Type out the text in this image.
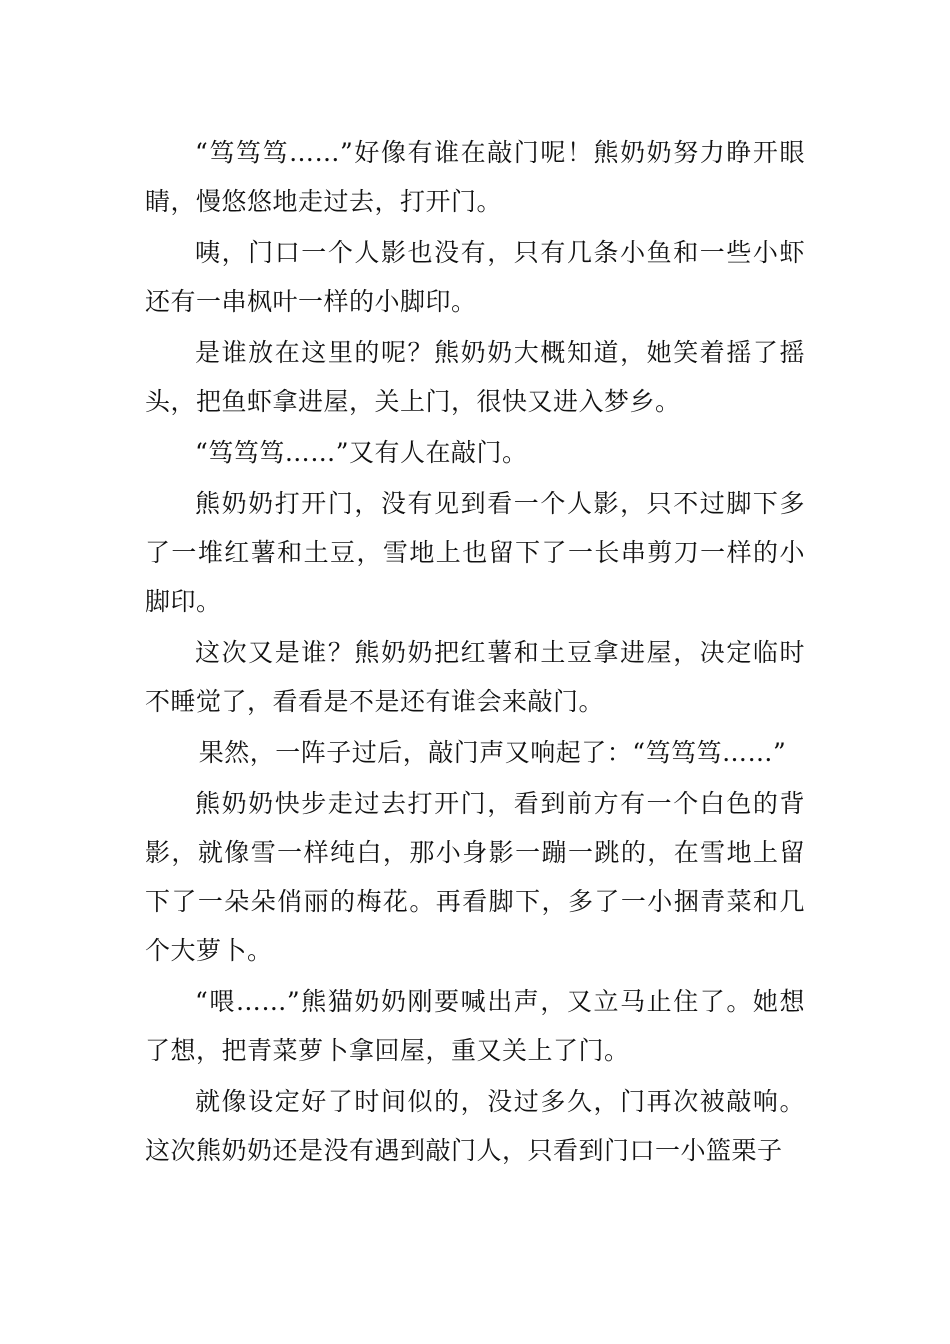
“笃笃笃……”好像有谁在敲门呢！熊奶奶努力睁开眼睛，慢悠悠地走过去，打开门。

咦，门口一个人影也没有，只有几条小鱼和一些小虾还有一串枫叶一样的小脚印。

是谁放在这里的呢？熊奶奶大概知道，她笑着摇了摇头，把鱼虾拿进屋，关上门，很快又进入梦乡。

“笃笃笃……”又有人在敲门。

熊奶奶打开门，没有见到看一个人影，只不过脚下多了一堆红薯和土豆，雪地上也留下了一长串剪刀一样的小脚印。

这次又是谁？熊奶奶把红薯和土豆拿进屋，决定临时不睡觉了，看看是不是还有谁会来敲门。

果然，一阵子过后，敲门声又响起了：“笃笃笃……”

熊奶奶快步走过去打开门，看到前方有一个白色的背影，就像雪一样纯白，那小身影一蹦一跳的，在雪地上留下了一朵朵俏丽的梅花。再看脚下，多了一小捆青菜和几个大萝卜。

“喂……”熊猫奶奶刚要喊出声，又立马止住了。她想了想，把青菜萝卜拿回屋，重又关上了门。

就像设定好了时间似的，没过多久，门再次被敲响。这次熊奶奶还是没有遇到敲门人，只看到门口一小篮栗子
